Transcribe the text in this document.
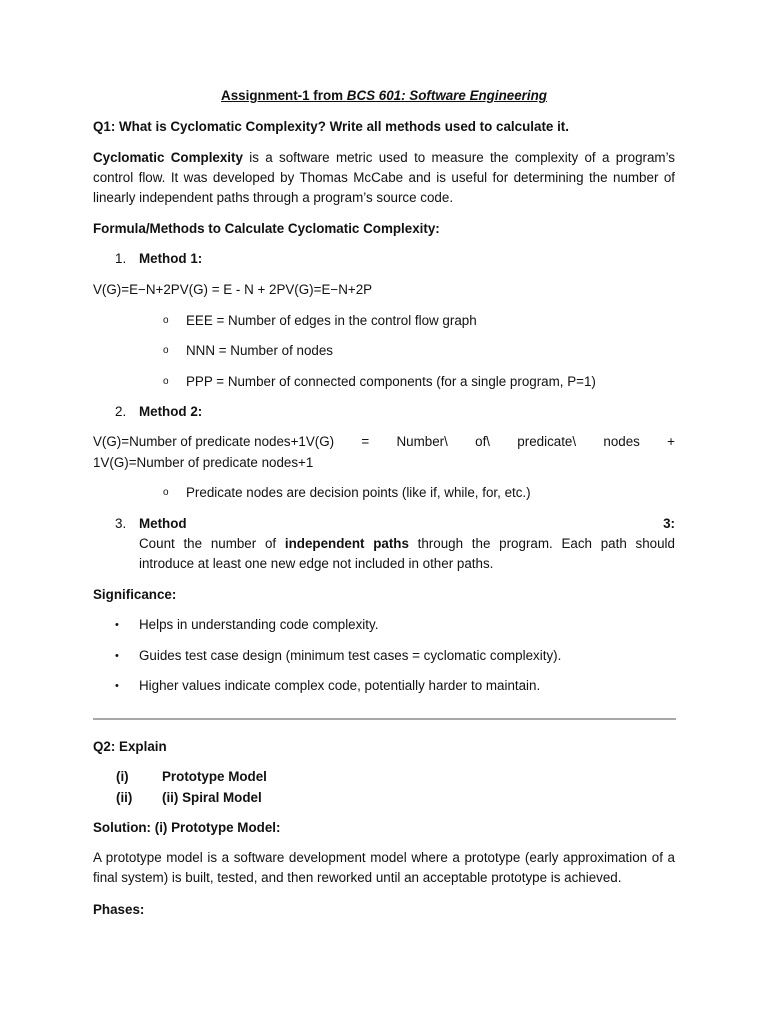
Assignment-1 from BCS 601: Software Engineering
Q1: What is Cyclomatic Complexity? Write all methods used to calculate it.
Cyclomatic Complexity is a software metric used to measure the complexity of a program’s control flow. It was developed by Thomas McCabe and is useful for determining the number of linearly independent paths through a program’s source code.
Formula/Methods to Calculate Cyclomatic Complexity:
1. Method 1:
V(G)=E−N+2PV(G) = E - N + 2PV(G)=E−N+2P
o EEE = Number of edges in the control flow graph
o NNN = Number of nodes
o PPP = Number of connected components (for a single program, P=1)
2. Method 2:
V(G)=Number of predicate nodes+1V(G) = Number\ of\ predicate\ nodes +
1V(G)=Number of predicate nodes+1
o Predicate nodes are decision points (like if, while, for, etc.)
3. Method	3:
Count the number of independent paths through the program. Each path should introduce at least one new edge not included in other paths.
Significance:
• Helps in understanding code complexity.
• Guides test case design (minimum test cases = cyclomatic complexity).
• Higher values indicate complex code, potentially harder to maintain.
Q2: Explain
(i) Prototype Model
(ii) (ii) Spiral Model
Solution: (i) Prototype Model:
A prototype model is a software development model where a prototype (early approximation of a final system) is built, tested, and then reworked until an acceptable prototype is achieved.
Phases:
